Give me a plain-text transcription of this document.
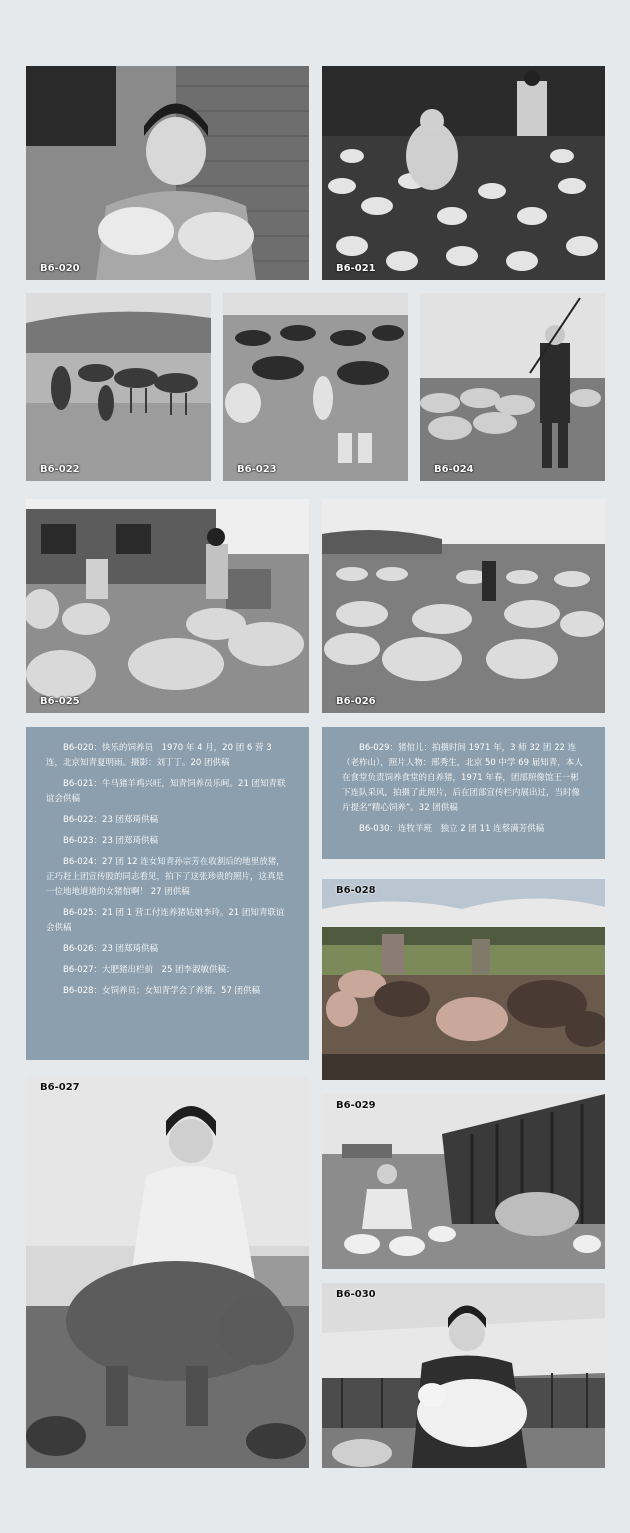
B6-020	B6-021
B6-022	B6-023	B6-024
B6-025	B6-026

B6-020：快乐的饲养员　1970 年 4 月，20 团 6 营 3 连，北京知青夏明雨。摄影：刘丁丁。20 团供稿

B6-021：牛马猪羊鸡兴旺，知青饲养员乐呵。21 团知青联谊会供稿

B6-022：23 团郑琦供稿

B6-023：23 团郑琦供稿

B6-024：27 团 12 连女知青孙宗芳在收割后的地里放猪，正巧赶上团宣传股的同志看见，拍下了这张珍贵的照片，这真是一位地地道道的女猪倌啊！ 27 团供稿

B6-025：21 团 1 营工付连养猪姑娘李玲。21 团知青联谊会供稿

B6-026：23 团郑琦供稿

B6-027：大肥猪出栏前　25 团李淑敏供稿：

B6-028：女饲养员；女知青学会了养猪。57 团供稿

B6-029：猪倌儿：拍摄时间 1971 年，3 师 32 团 22 连（老柞山），照片人物：邢秀生，北京 50 中学 69 届知青，本人在食堂负责饲养食堂的自养猪，1971 年春，团部照像馆王一彬下连队采风，拍摄了此照片，后在团部宣传栏内展出过，当时像片提名“精心饲养”。32 团供稿

B6-030：连牧羊班　独立 2 团 11 连蔡满芳供稿

B6-028
B6-027
B6-029
B6-030
